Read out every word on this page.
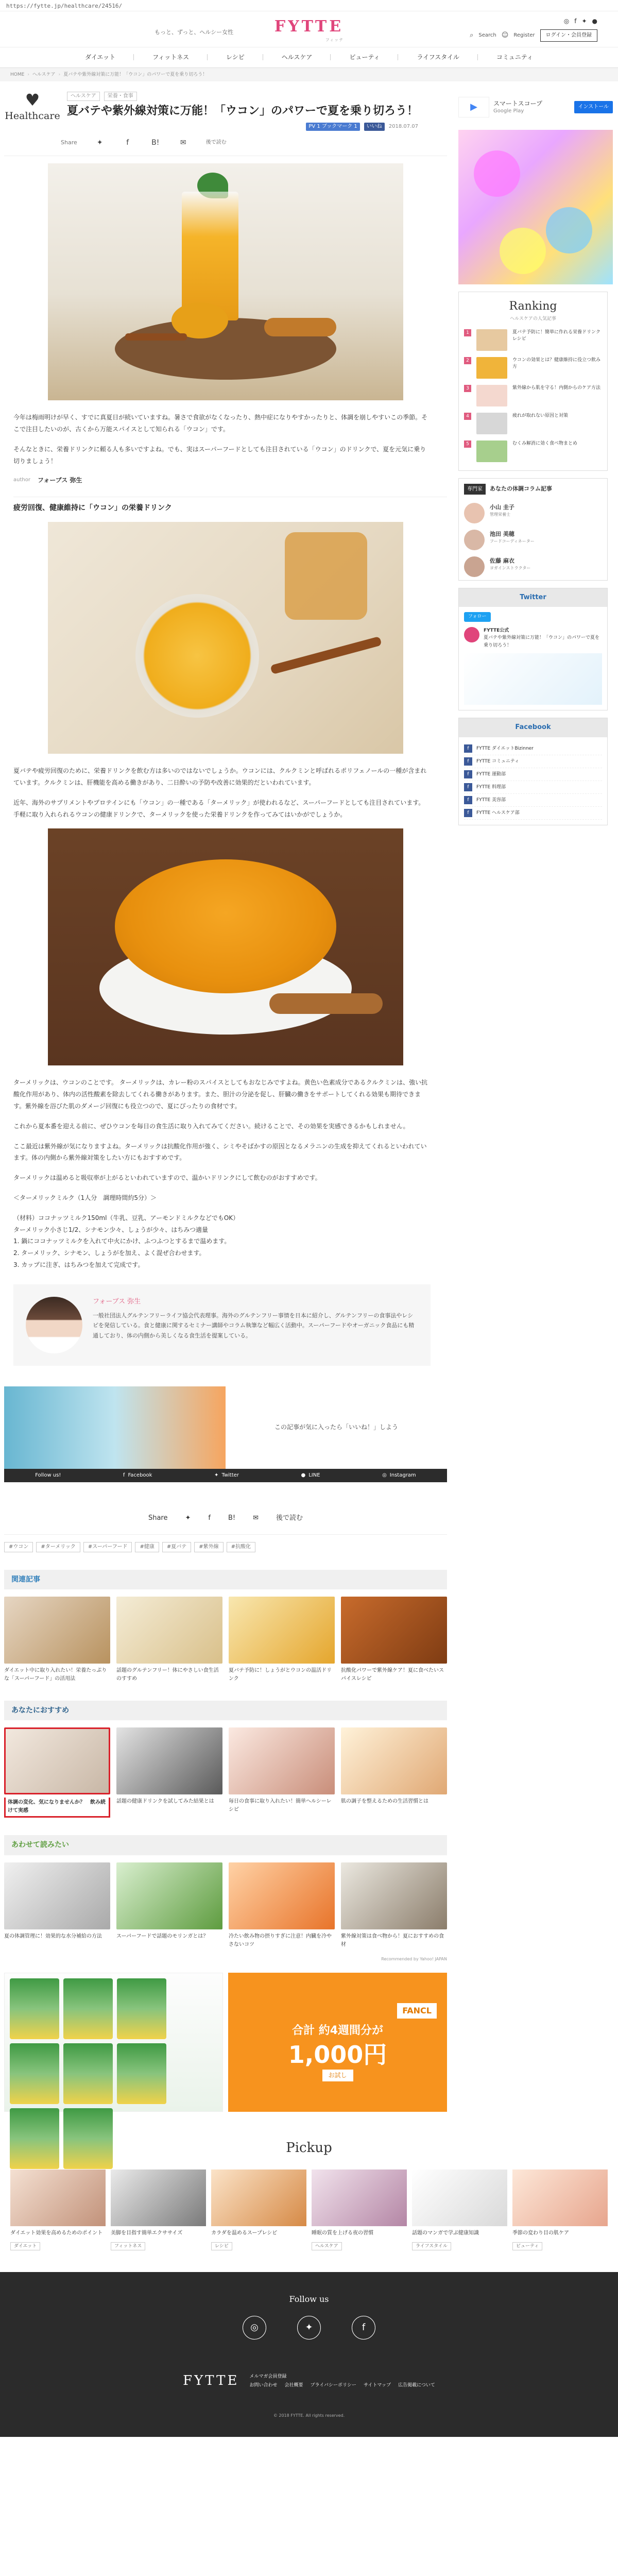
https://fytte.jp/healthcare/24516/
もっと、ずっと、ヘルシー女性	FYTTE
フィッテ
◎ f ✦ ●
⌕ Search ☺ Register	ログイン・会員登録
ダイエット	フィットネス	レシピ	ヘルスケア	ビューティ	ライフスタイル	コミュニティ
HOME › ヘルスケア › 夏バテや紫外線対策に万能！「ウコン」のパワーで夏を乗り切ろう！
♥
Healthcare
ヘルスケア	栄養・食事
夏バテや紫外線対策に万能！「ウコン」のパワーで夏を乗り切ろう！
PV 1 ブックマーク 1	いいね	2018.07.07
Share	✦	f	B!	✉	後で読む

今年は梅雨明けが早く、すでに真夏日が続いていますね。暑さで食欲がなくなったり、熱中症になりやすかったりと、体調を崩しやすいこの季節。そこで注目したいのが、古くから万能スパイスとして知られる「ウコン」です。

そんなときに、栄養ドリンクに頼る人も多いですよね。でも、実はスーパーフードとしても注目されている「ウコン」のドリンクで、夏を元気に乗り切りましょう！

author フォーブス 弥生
疲労回復、健康維持に「ウコン」の栄養ドリンク

夏バテや疲労回復のために、栄養ドリンクを飲む方は多いのではないでしょうか。ウコンには、クルクミンと呼ばれるポリフェノールの一種が含まれています。クルクミンは、肝機能を高める働きがあり、二日酔いの予防や改善に効果的だといわれています。

近年、海外のサプリメントやプロテインにも「ウコン」の一種である「ターメリック」が使われるなど、スーパーフードとしても注目されています。手軽に取り入れられるウコンの健康ドリンクで、ターメリックを使った栄養ドリンクを作ってみてはいかがでしょうか。

ターメリックは、ウコンのことです。 ターメリックは、カレー粉のスパイスとしてもおなじみですよね。黄色い色素成分であるクルクミンは、強い抗酸化作用があり、体内の活性酸素を除去してくれる働きがあります。また、胆汁の分泌を促し、肝臓の働きをサポートしてくれる効果も期待できます。紫外線を浴びた肌のダメージ回復にも役立つので、夏にぴったりの食材です。

これから夏本番を迎える前に、ぜひウコンを毎日の食生活に取り入れてみてください。続けることで、その効果を実感できるかもしれません。

ここ最近は紫外線が気になりますよね。ターメリックは抗酸化作用が強く、シミやそばかすの原因となるメラニンの生成を抑えてくれるといわれています。体の内側から紫外線対策をしたい方にもおすすめです。

ターメリックは温めると吸収率が上がるといわれていますので、温かいドリンクにして飲むのがおすすめです。

＜ターメリックミルク（1人分　調理時間約5分）＞

（材料）ココナッツミルク150ml（牛乳、豆乳、アーモンドミルクなどでもOK）
ターメリック小さじ1/2、シナモン少々、しょうが少々、はちみつ適量
1. 鍋にココナッツミルクを入れて中火にかけ、ふつふつとするまで温めます。
2. ターメリック、シナモン、しょうがを加え、よく混ぜ合わせます。
3. カップに注ぎ、はちみつを加えて完成です。
フォーブス 弥生
一般社団法人グルテンフリーライフ協会代表理事。海外のグルテンフリー事情を日本に紹介し、グルテンフリーの食事法やレシピを発信している。食と健康に関するセミナー講師やコラム執筆など幅広く活動中。スーパーフードやオーガニック食品にも精通しており、体の内側から美しくなる食生活を提案している。
この記事が気に入ったら「いいね！」しよう
Follow us!	f Facebook	✦ Twitter	● LINE	◎ Instagram
Share	✦	f	B!	✉	後で読む
#ウコン	#ターメリック	#スーパーフード	#健康	#夏バテ	#紫外線	#抗酸化
関連記事
ダイエット中に取り入れたい！栄養たっぷりな「スーパーフード」の活用法
話題のグルテンフリー！体にやさしい食生活のすすめ
夏バテ予防に！しょうがとウコンの温活ドリンク
抗酸化パワーで紫外線ケア！夏に食べたいスパイスレシピ
あなたにおすすめ
体調の変化、気になりませんか？　飲み続けて実感
話題の健康ドリンクを試してみた結果とは	毎日の食事に取り入れたい！簡単ヘルシーレシピ
肌の調子を整えるための生活習慣とは
あわせて読みたい
夏の体調管理に！効果的な水分補給の方法	スーパーフードで話題のモリンガとは？	冷たい飲み物の摂りすぎに注意！内臓を冷やさないコツ
紫外線対策は食べ物から！夏におすすめの食材
Recommended by Yahoo! JAPAN
FANCL
合計 約4週間分が
1,000円
お試し
▶	スマートスコープ
Google Play
インストール
Ranking
ヘルスケアの人気記事
1	夏バテ予防に！簡単に作れる栄養ドリンクレシピ
2	ウコンの効果とは？健康維持に役立つ飲み方
3	紫外線から肌を守る！内側からのケア方法
4	疲れが取れない原因と対策
5	むくみ解消に効く食べ物まとめ
専門家	あなたの体調コラム記事
小山 圭子
管理栄養士
池田 美穂
フードコーディネーター
佐藤 麻衣
ヨガインストラクター
Twitter
フォロー
FYTTE公式
夏バテや紫外線対策に万能！「ウコン」のパワーで夏を乗り切ろう！
Facebook
f	FYTTE ダイエットBizinner
f	FYTTE コミュニティ
f	FYTTE 運動部
f	FYTTE 料理部
f	FYTTE 美容部
f	FYTTE ヘルスケア部
Pickup
ダイエット効果を高めるためのポイント
ダイエット
美脚を目指す簡単エクササイズ
フィットネス
カラダを温めるスープレシピ
レシピ
睡眠の質を上げる夜の習慣
ヘルスケア
話題のマンガで学ぶ健康知識
ライフスタイル
季節の変わり目の肌ケア
ビューティ
Follow us
◎	✦	f
FYTTE メルマガ会員登録
お問い合わせ 会社概要 プライバシーポリシー サイトマップ 広告掲載について
© 2018 FYTTE. All rights reserved.
